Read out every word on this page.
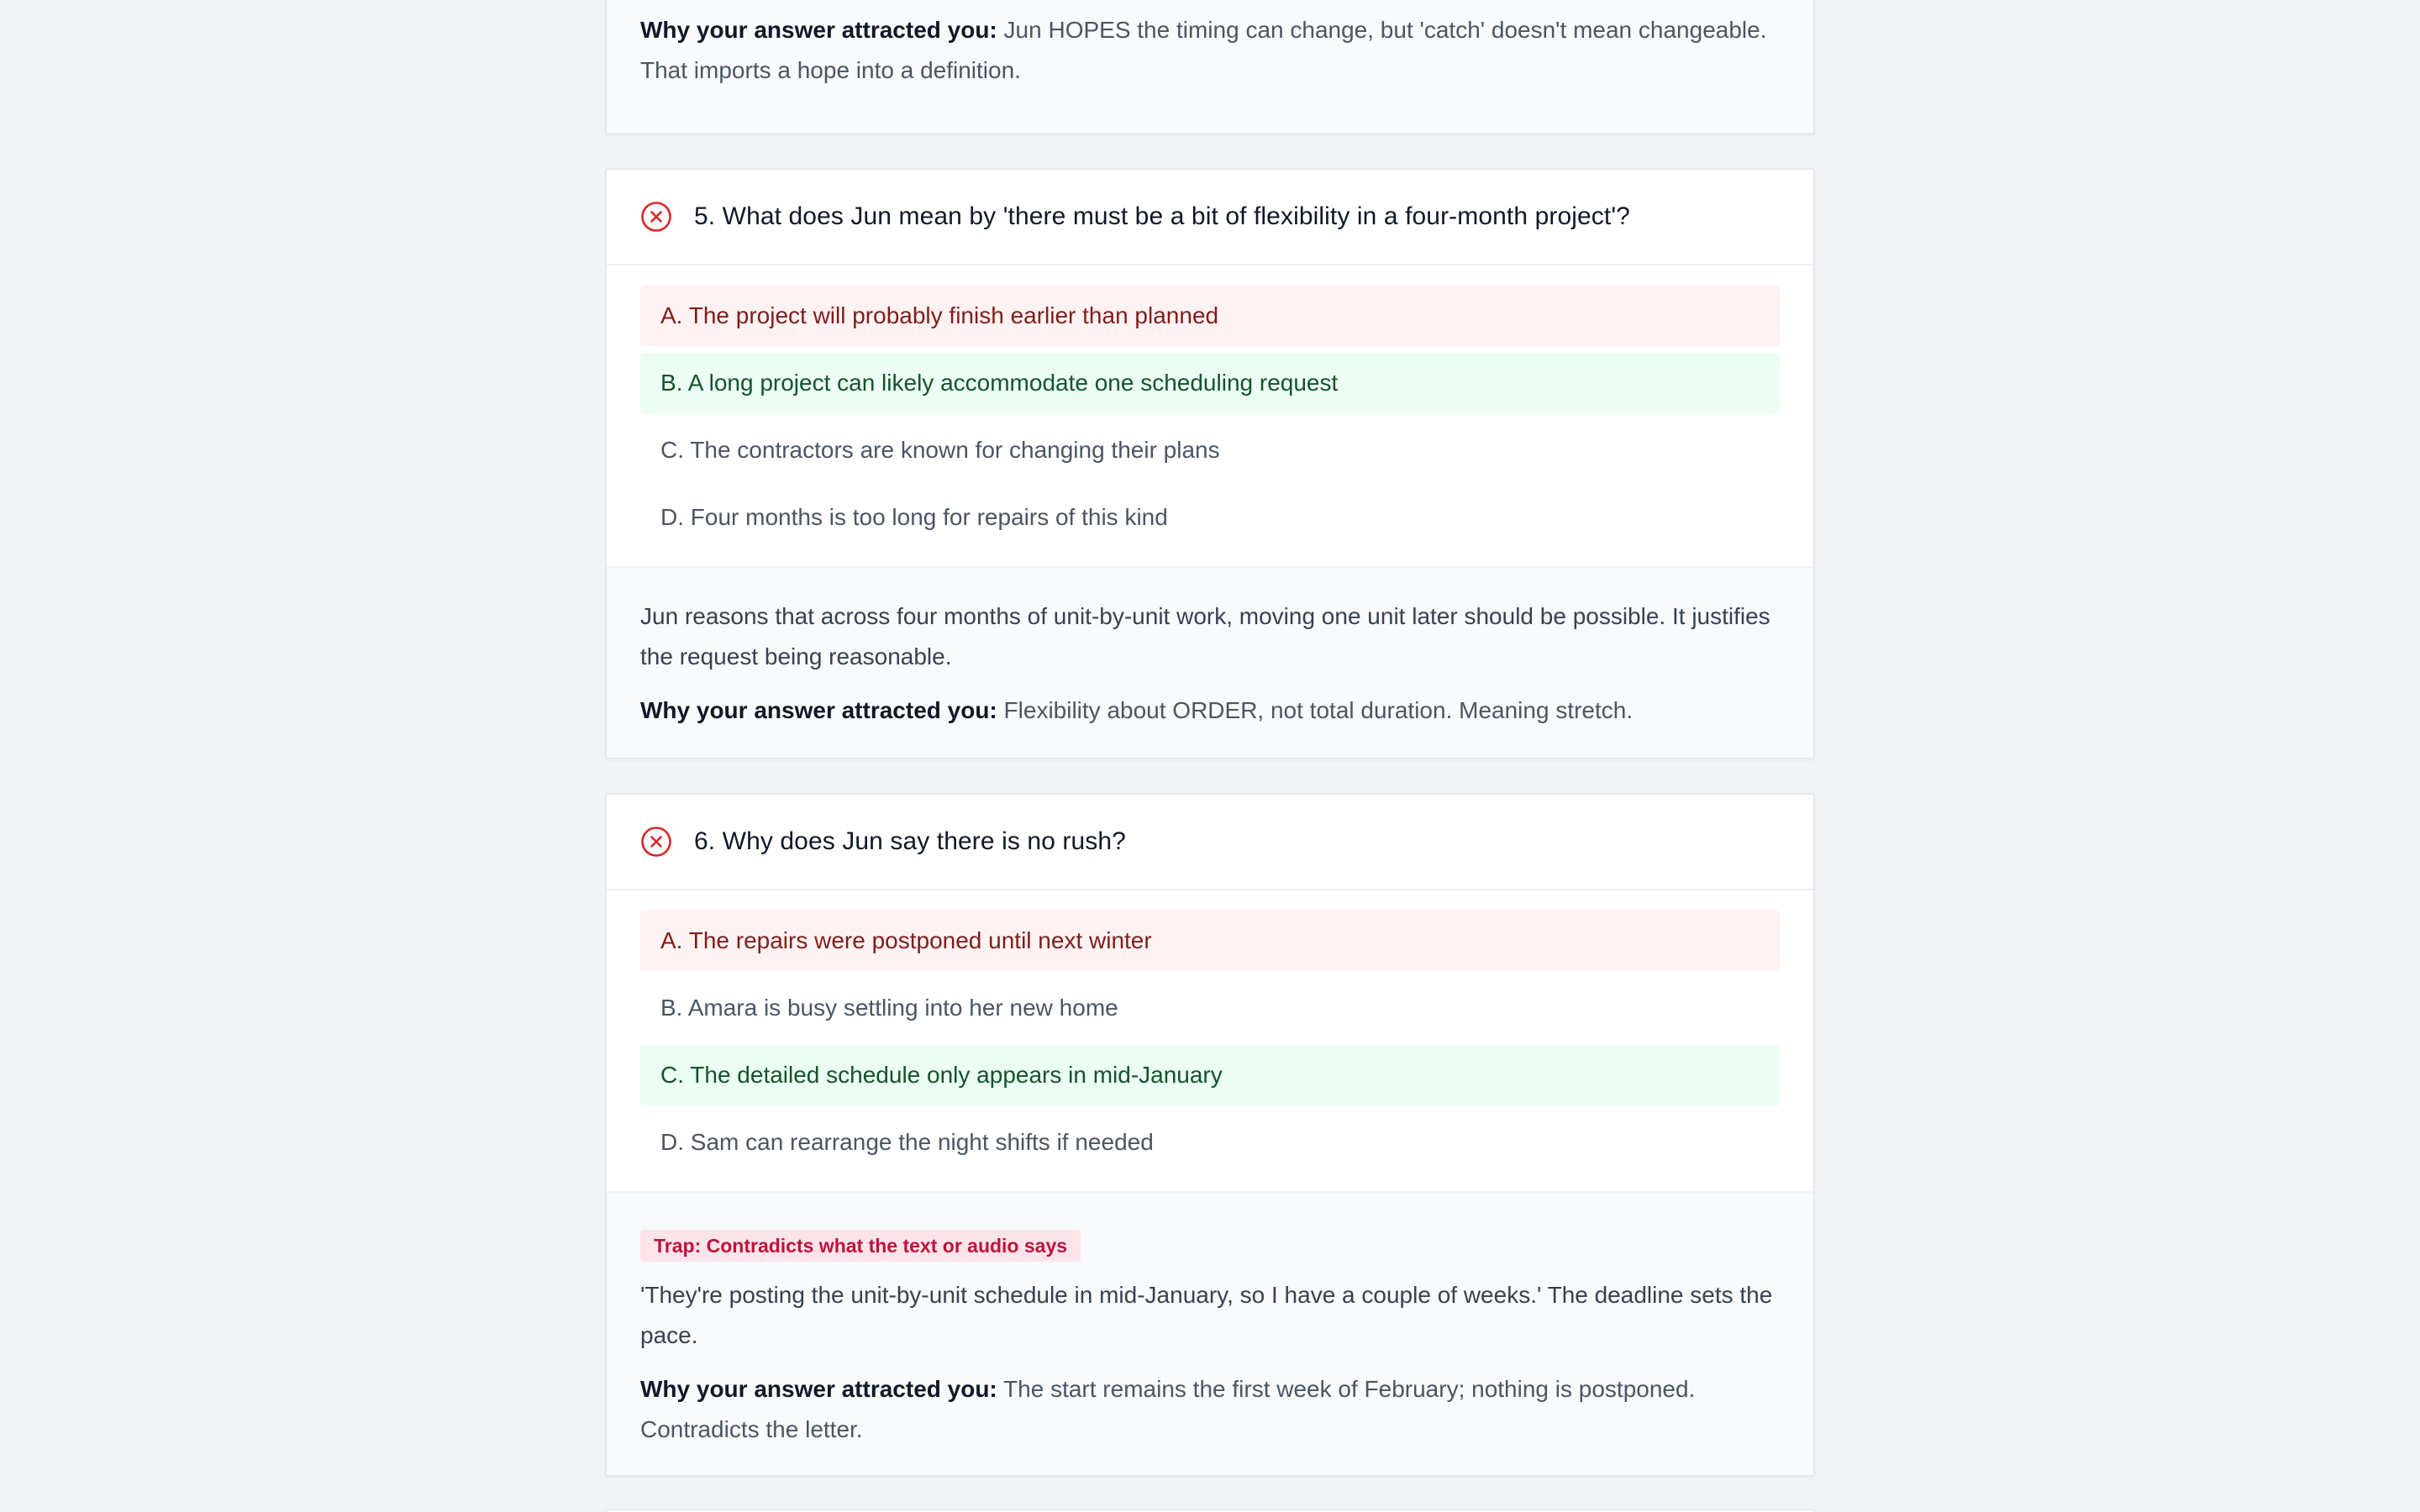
Why your answer attracted you: Jun HOPES the timing can change, but 'catch' doesn't mean changeable. That imports a hope into a definition.

5. What does Jun mean by 'there must be a bit of flexibility in a four-month project'?
A. The project will probably finish earlier than planned
B. A long project can likely accommodate one scheduling request
C. The contractors are known for changing their plans
D. Four months is too long for repairs of this kind

Jun reasons that across four months of unit-by-unit work, moving one unit later should be possible. It justifies the request being reasonable.

Why your answer attracted you: Flexibility about ORDER, not total duration. Meaning stretch.

6. Why does Jun say there is no rush?
A. The repairs were postponed until next winter
B. Amara is busy settling into her new home
C. The detailed schedule only appears in mid-January
D. Sam can rearrange the night shifts if needed
Trap: Contradicts what the text or audio says

'They're posting the unit-by-unit schedule in mid-January, so I have a couple of weeks.' The deadline sets the pace.

Why your answer attracted you: The start remains the first week of February; nothing is postponed. Contradicts the letter.
